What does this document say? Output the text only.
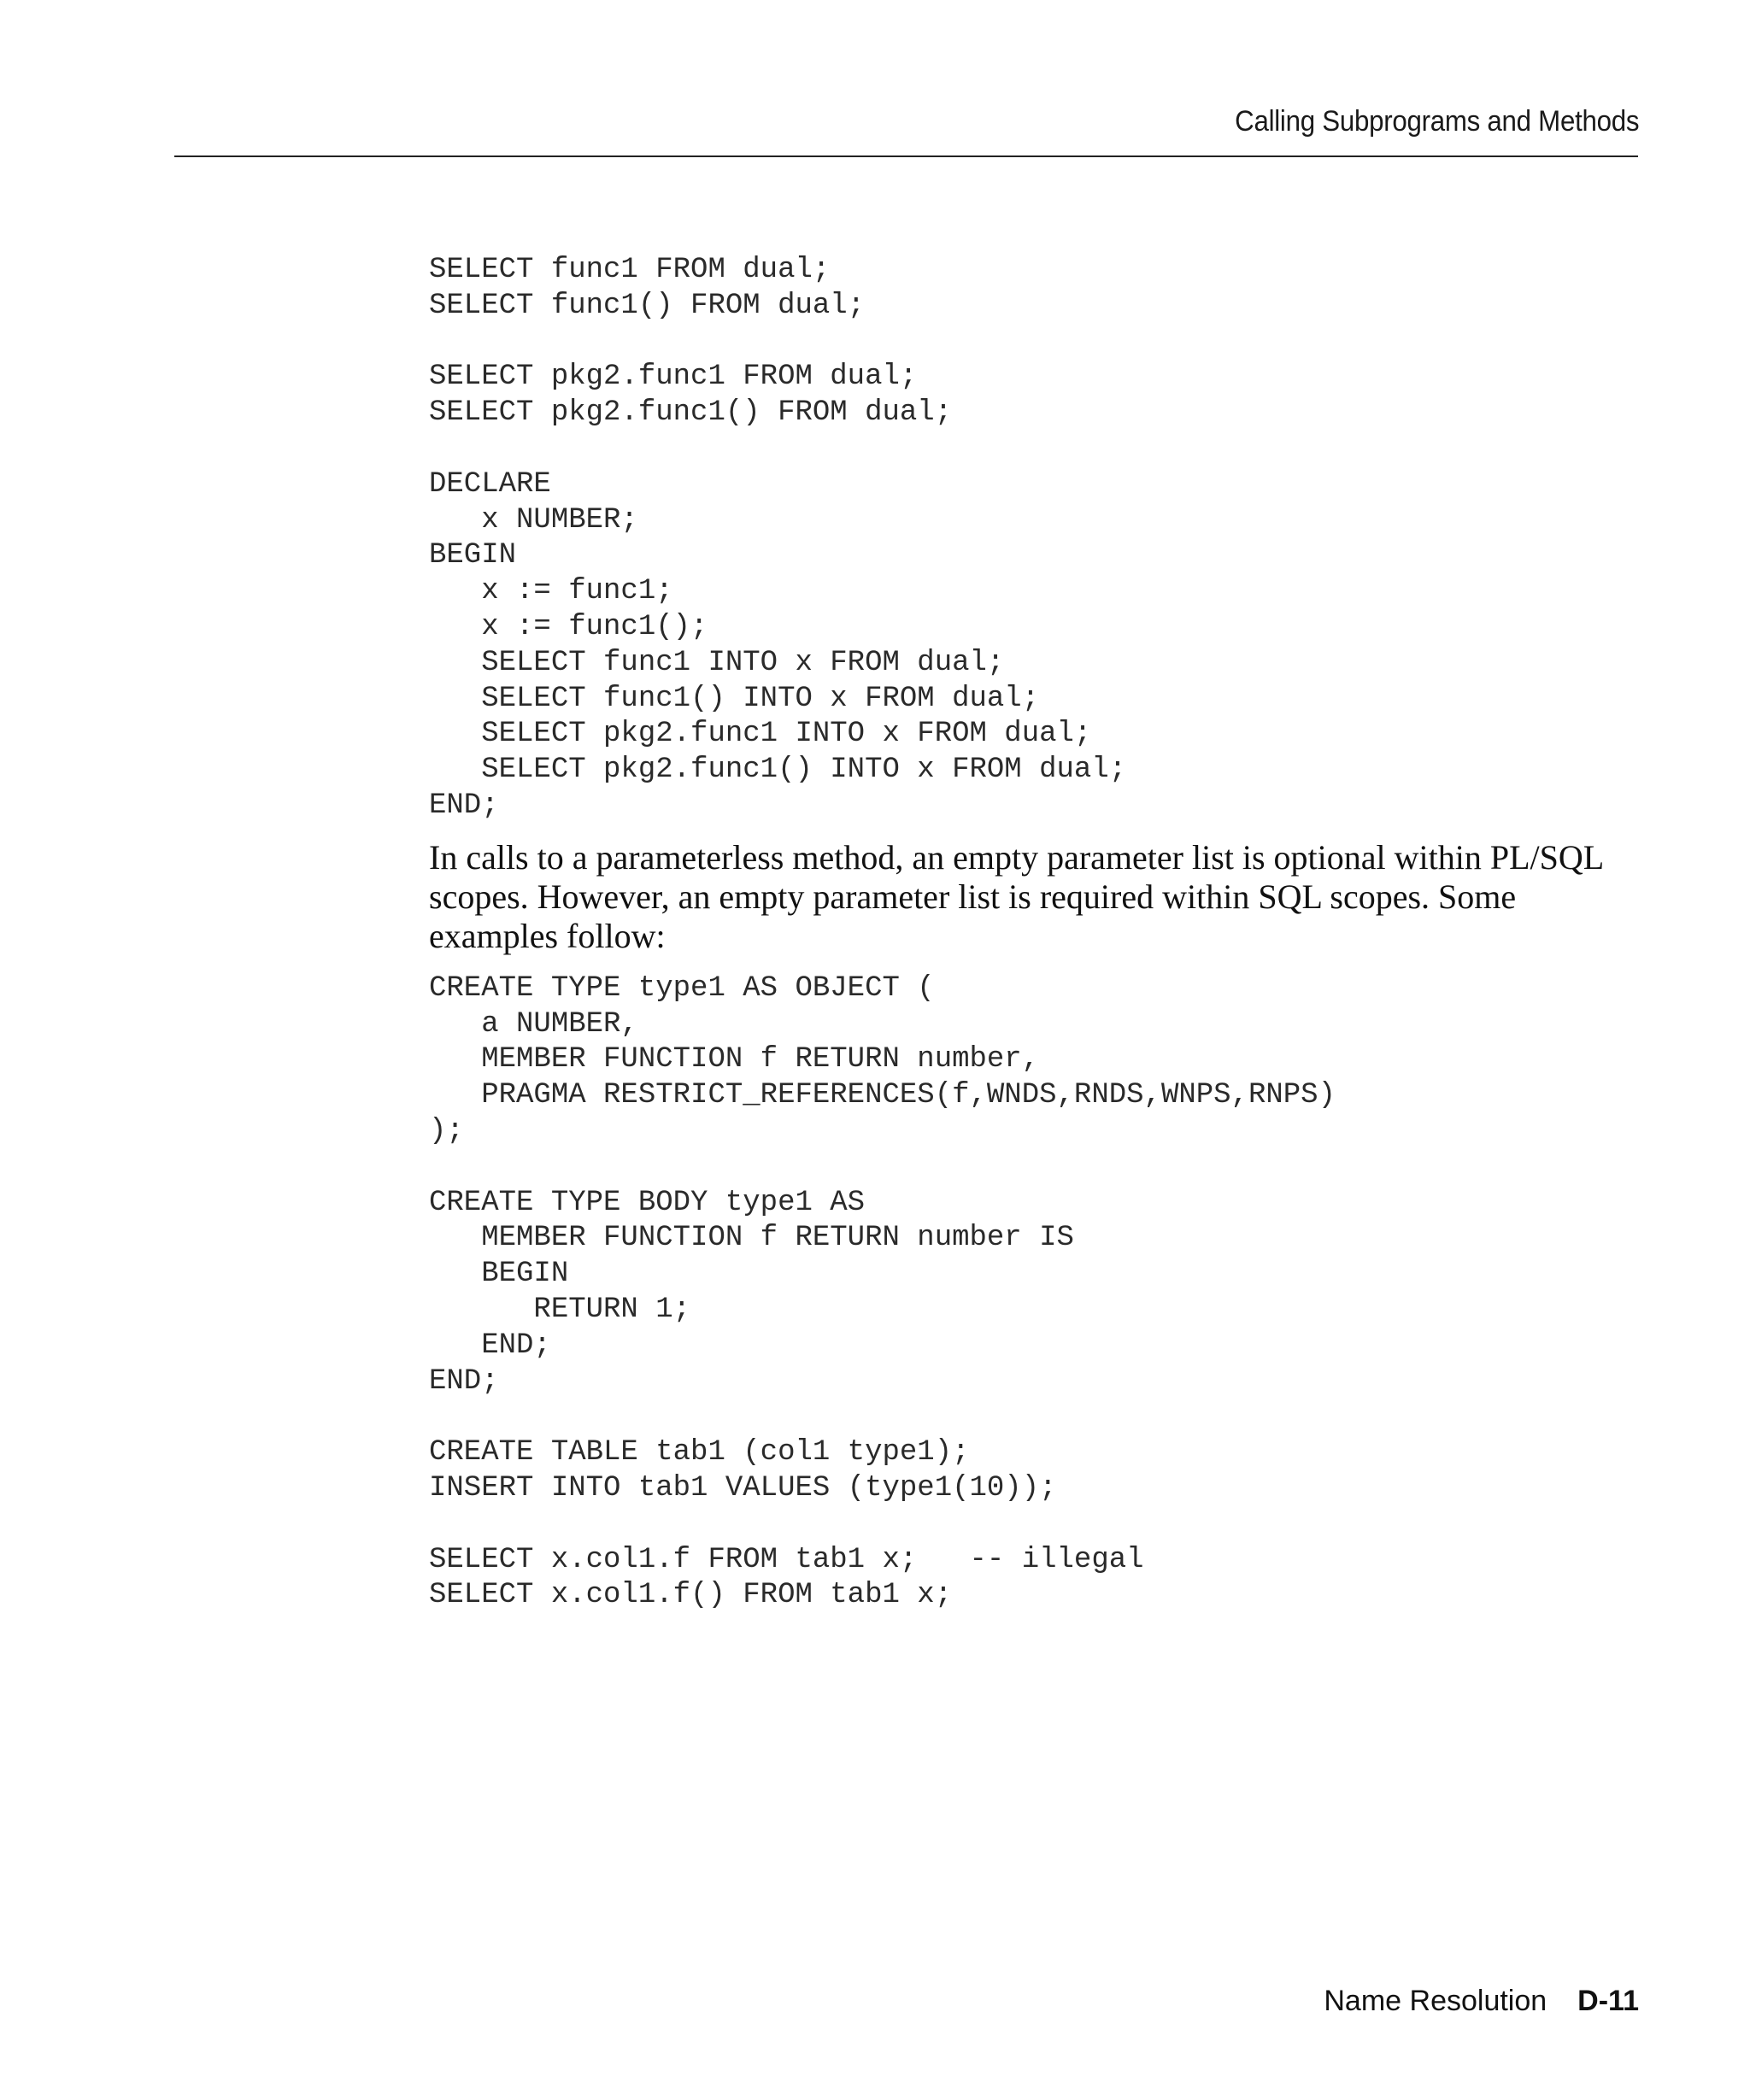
Calling Subprograms and Methods
SELECT func1 FROM dual;
SELECT func1() FROM dual;
SELECT pkg2.func1 FROM dual;
SELECT pkg2.func1() FROM dual;
DECLARE
x NUMBER;
BEGIN
x := func1;
x := func1();
SELECT func1 INTO x FROM dual;
SELECT func1() INTO x FROM dual;
SELECT pkg2.func1 INTO x FROM dual;
SELECT pkg2.func1() INTO x FROM dual;
END;

In calls to a parameterless method, an empty parameter list is optional within PL/SQL scopes. However, an empty parameter list is required within SQL scopes. Some examples follow:

CREATE TYPE type1 AS OBJECT (
a NUMBER,
MEMBER FUNCTION f RETURN number,
PRAGMA RESTRICT_REFERENCES(f,WNDS,RNDS,WNPS,RNPS)
);
CREATE TYPE BODY type1 AS
MEMBER FUNCTION f RETURN number IS
BEGIN
RETURN 1;
END;
END;
CREATE TABLE tab1 (col1 type1);
INSERT INTO tab1 VALUES (type1(10));
SELECT x.col1.f FROM tab1 x;   -- illegal
SELECT x.col1.f() FROM tab1 x;
Name Resolution D-11
